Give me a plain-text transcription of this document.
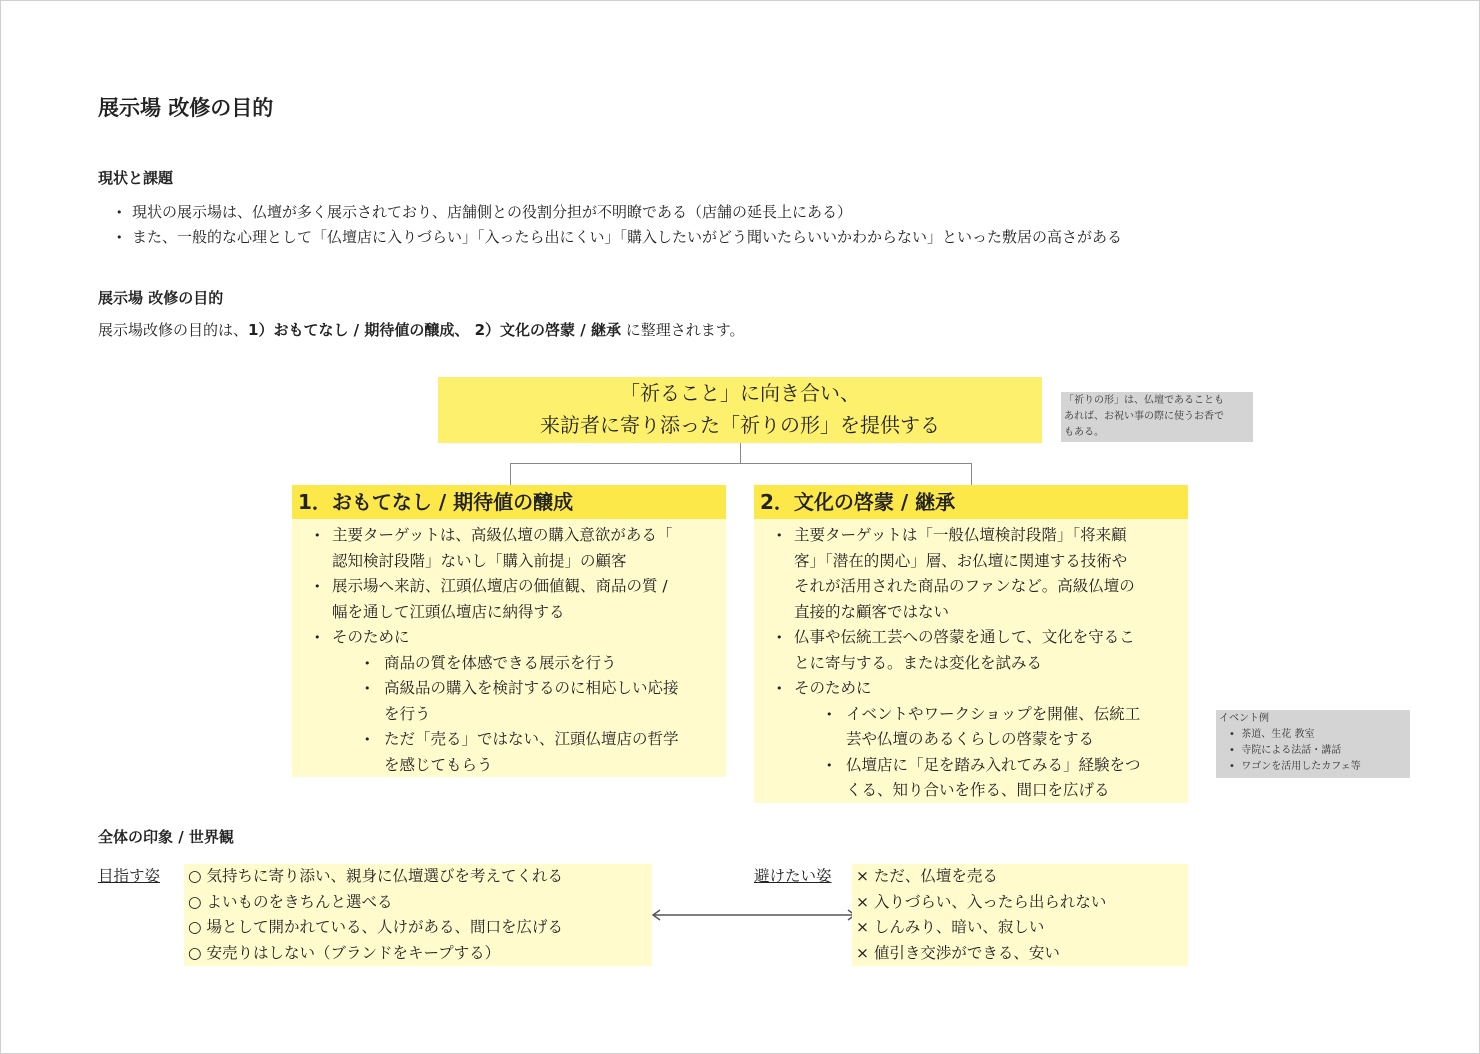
展示場 改修の目的
現状と課題
• 現状の展示場は、仏壇が多く展示されており、店舗側との役割分担が不明瞭である（店舗の延長上にある）
• また、一般的な心理として「仏壇店に入りづらい」「入ったら出にくい」「購入したいがどう聞いたらいいかわからない」といった敷居の高さがある
展示場 改修の目的
展示場改修の目的は、1）おもてなし / 期待値の醸成、 2）文化の啓蒙 / 継承 に整理されます。
「祈ること」に向き合い、
来訪者に寄り添った「祈りの形」を提供する
「祈りの形」は、仏壇であることも
あれば、お祝い事の際に使うお香で
もある。
1．おもてなし / 期待値の醸成
• 主要ターゲットは、高級仏壇の購入意欲がある「
認知検討段階」ないし「購入前提」の顧客
• 展示場へ来訪、江頭仏壇店の価値観、商品の質 /
幅を通して江頭仏壇店に納得する
• そのために
• 商品の質を体感できる展示を行う
• 高級品の購入を検討するのに相応しい応接
を行う
• ただ「売る」ではない、江頭仏壇店の哲学
を感じてもらう
2．文化の啓蒙 / 継承
• 主要ターゲットは「一般仏壇検討段階」「将来顧
客」「潜在的関心」層、お仏壇に関連する技術や
それが活用された商品のファンなど。高級仏壇の
直接的な顧客ではない
• 仏事や伝統工芸への啓蒙を通して、文化を守るこ
とに寄与する。または変化を試みる
• そのために
• イベントやワークショップを開催、伝統工
芸や仏壇のあるくらしの啓蒙をする
• 仏壇店に「足を踏み入れてみる」経験をつ
くる、知り合いを作る、間口を広げる
イベント例
•  茶道、生花 教室
•  寺院による法話・講話
•  ワゴンを活用したカフェ等
全体の印象 / 世界観
目指す姿 ○ 気持ちに寄り添い、親身に仏壇選びを考えてくれる
○ よいものをきちんと選べる
○ 場として開かれている、人けがある、間口を広げる
○ 安売りはしない（ブランドをキープする）
避けたい姿 × ただ、仏壇を売る
× 入りづらい、入ったら出られない
× しんみり、暗い、寂しい
× 値引き交渉ができる、安い
